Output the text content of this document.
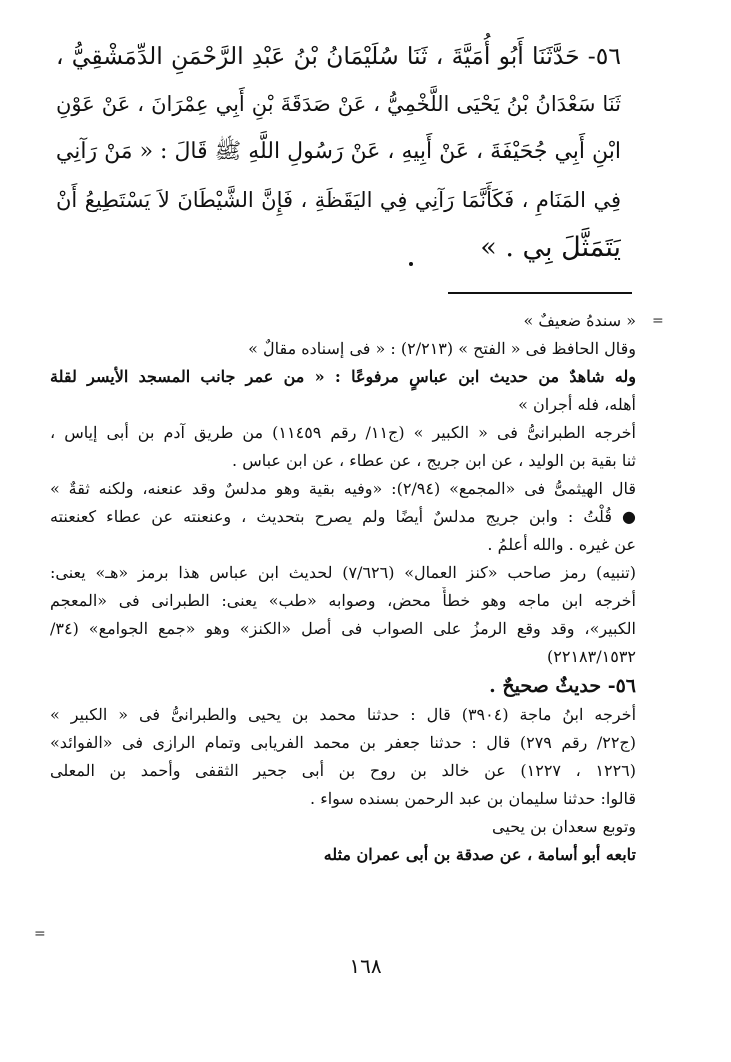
٥٦- حَدَّثَنَا أَبُو أُمَيَّةَ ، ثَنَا سُلَيْمَانُ بْنُ عَبْدِ الرَّحْمَنِ الدِّمَشْقِيُّ ،
ثَنَا سَعْدَانُ بْنُ يَحْيَى اللَّخْمِيُّ ، عَنْ صَدَقَةَ بْنِ أَبِي عِمْرَانَ ، عَنْ عَوْنِ
ابْنِ أَبِي جُحَيْفَةَ ، عَنْ أَبِيهِ ، عَنْ رَسُولِ اللَّهِ ﷺ قَالَ : « مَنْ رَآنِي
فِي المَنَامِ ، فَكَأَنَّمَا رَآنِي فِي اليَقَظَةِ ، فَإِنَّ الشَّيْطَانَ لاَ يَسْتَطِيعُ أَنْ
يَتَمَثَّلَ بِي . »
« سندهُ ضعيفٌ »
وقال الحافظ فى « الفتح » (٢/٢١٣) : « فى إسناده مقالٌ »
وله شاهدٌ من حديث ابن عباسٍ مرفوعًا : « من عمر جانب المسجد الأيسر لقلة
أهله، فله أجران »
أخرجه الطبرانىُّ فى « الكبير » (ج١١/ رقم ١١٤٥٩) من طريق آدم بن أبى إياس ،
ثنا بقية بن الوليد ، عن ابن جريج ، عن عطاء ، عن ابن عباس .
قال الهيثمىُّ فى «المجمع» (٢/٩٤): «وفيه بقية وهو مدلسٌ وقد عنعنه، ولكنه ثقةٌ »
● قُلْتُ : وابن جريج مدلسٌ أيضًا ولم يصرح بتحديث ، وعنعنته عن عطاء كعنعنته
عن غيره . والله أعلمُ .
(تنبيه) رمز صاحب «كنز العمال» (٧/٦٢٦) لحديث ابن عباس هذا برمز «هـ» يعنى:
أخرجه ابن ماجه وهو خطأٌ محض، وصوابه «طب» يعنى: الطبرانى فى «المعجم
الكبير»، وقد وقع الرمزُ على الصواب فى أصل «الكنز» وهو «جمع الجوامع» (٣٤/
٢٢١٨٣/١٥٣٢)
٥٦- حديثٌ صحيحٌ .
أخرجه ابنُ ماجة (٣٩٠٤) قال : حدثنا محمد بن يحيى والطبرانىُّ فى « الكبير »
(ج٢٢/ رقم ٢٧٩) قال : حدثنا جعفر بن محمد الفريابى وتمام الرازى فى «الفوائد»
(١٢٢٦ ، ١٢٢٧) عن خالد بن روح بن أبى جحير الثقفى وأحمد بن المعلى
قالوا: حدثنا سليمان بن عبد الرحمن بسنده سواء .
وتوبع سعدان بن يحيى
تابعه أبو أسامة ، عن صدقة بن أبى عمران مثله
=
=
١٦٨
